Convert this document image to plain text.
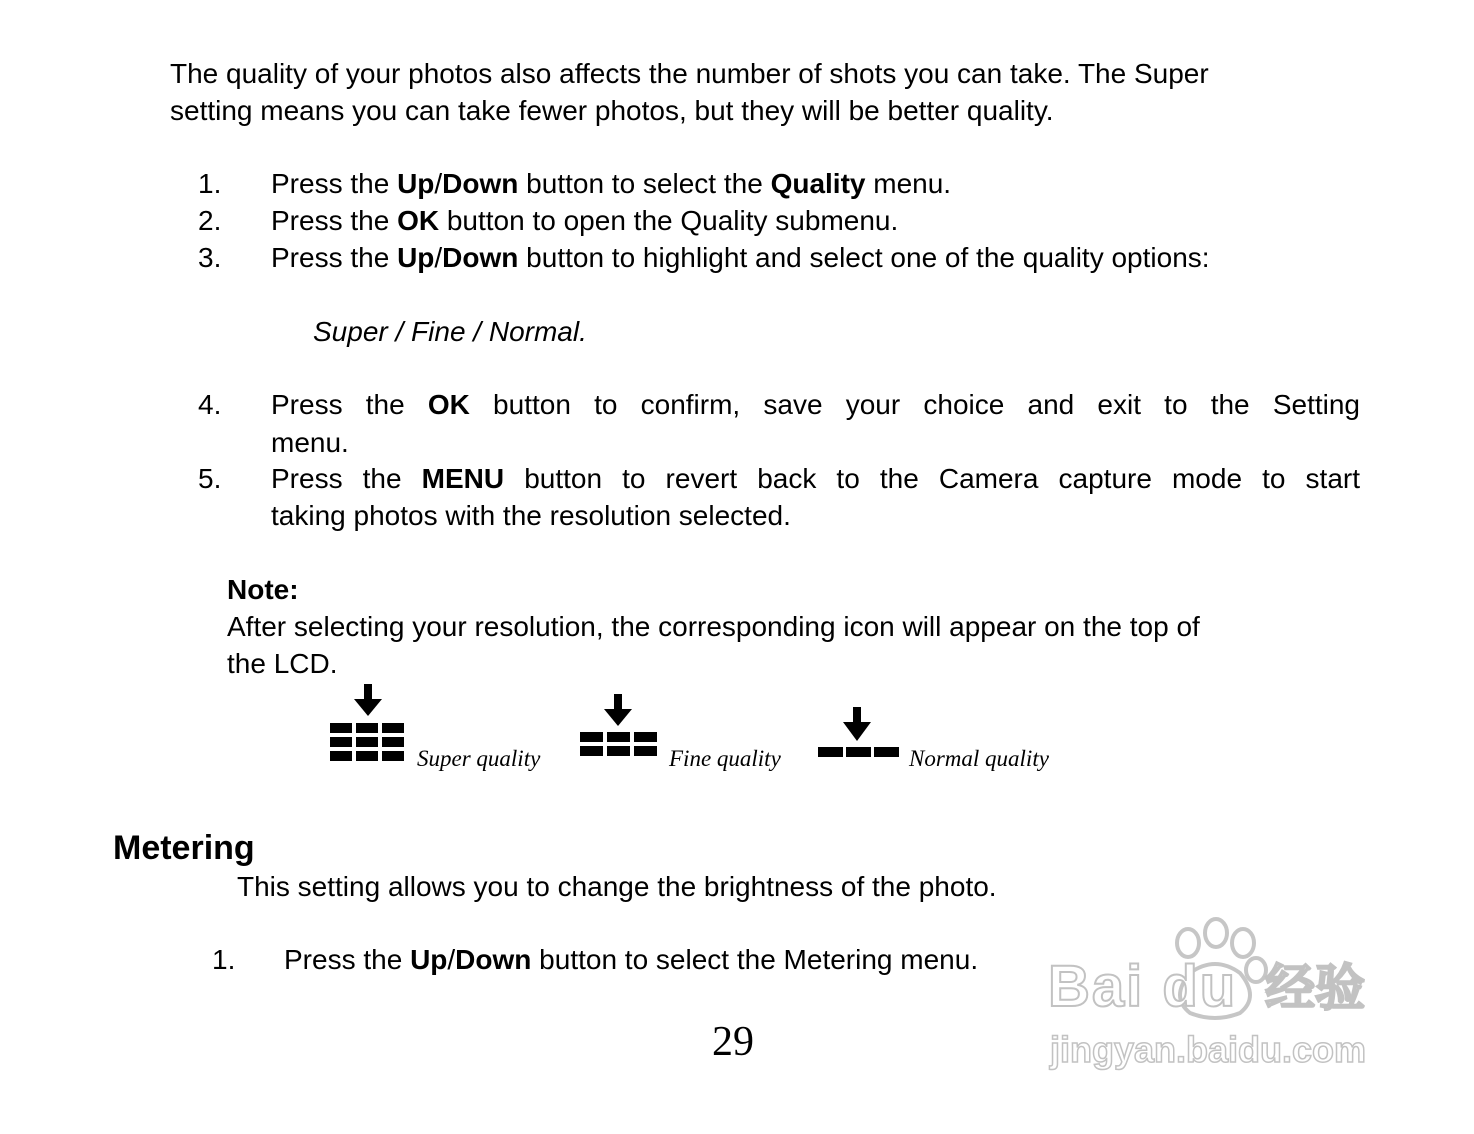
The quality of your photos also affects the number of shots you can take. The Super
setting means you can take fewer photos, but they will be better quality.
1. Press the Up/Down button to select the Quality menu.
2. Press the OK button to open the Quality submenu.
3. Press the Up/Down button to highlight and select one of the quality options:
Super / Fine / Normal.
4. Press the OK button to confirm, save your choice and exit to the Setting
menu.
5. Press the MENU button to revert back to the Camera capture mode to start
taking photos with the resolution selected.
Note:
After selecting your resolution, the corresponding icon will appear on the top of
the LCD.
Super quality	Fine quality	Normal quality
Metering
This setting allows you to change the brightness of the photo.
1. Press the Up/Down button to select the Metering menu.
29
Bai du 经验
jingyan.baidu.com
